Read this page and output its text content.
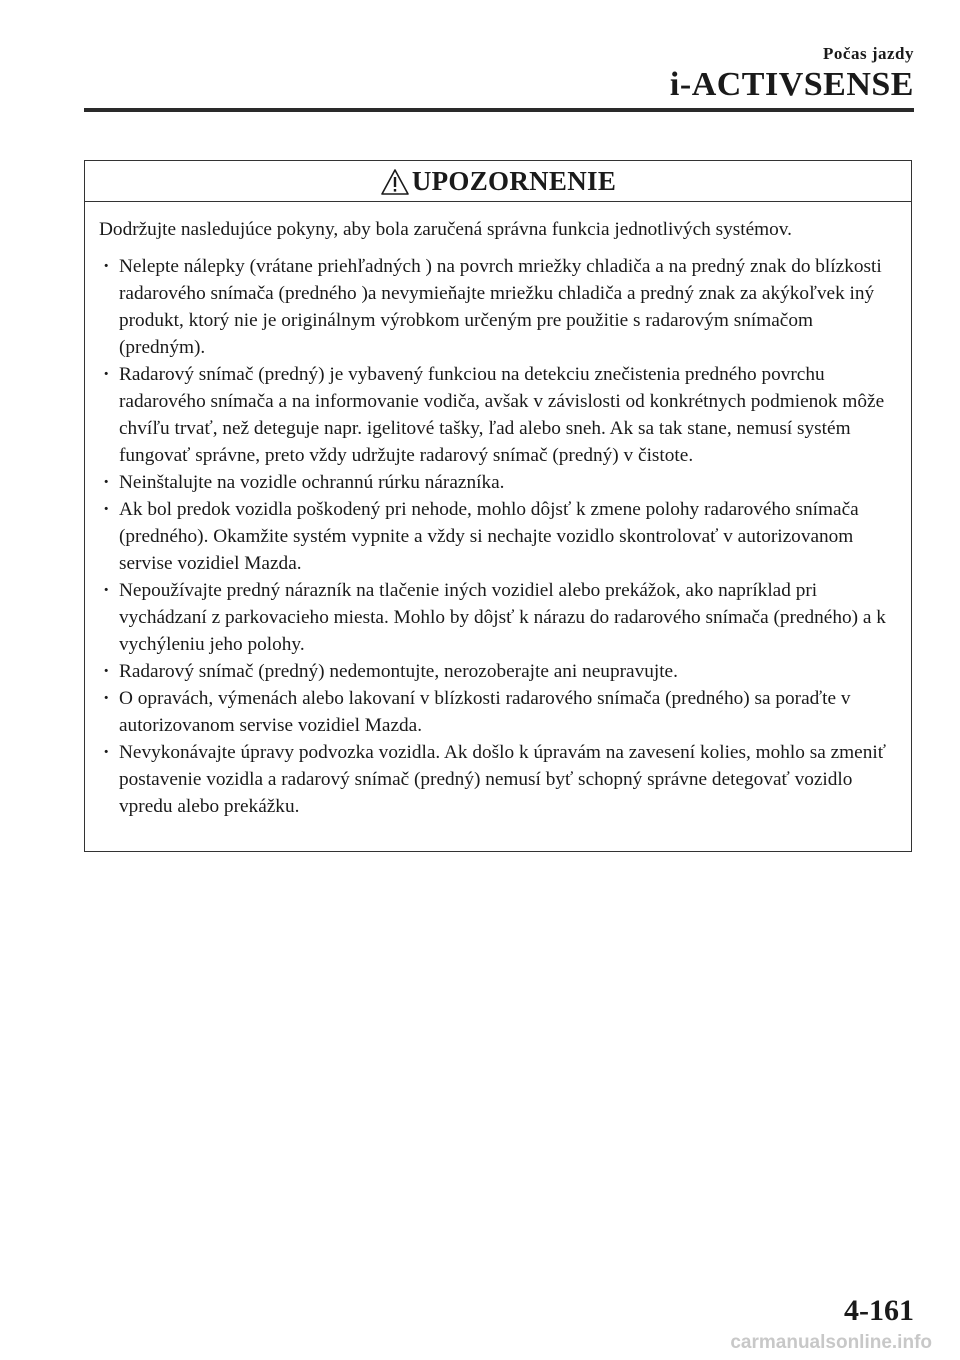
Počas jazdy
i-ACTIVSENSE
UPOZORNENIE

Dodržujte nasledujúce pokyny, aby bola zaručená správna funkcia jednotlivých systémov.

· Nelepte nálepky (vrátane priehľadných ) na povrch mriežky chladiča a na predný znak do blízkosti radarového snímača (predného )a nevymieňajte mriežku chladiča a predný znak za akýkoľvek iný produkt, ktorý nie je originálnym výrobkom určeným pre použitie s radarovým snímačom (predným).
· Radarový snímač (predný) je vybavený funkciou na detekciu znečistenia predného povrchu radarového snímača a na informovanie vodiča, avšak v závislosti od konkrétnych podmienok môže chvíľu trvať, než deteguje napr. igelitové tašky, ľad alebo sneh. Ak sa tak stane, nemusí systém fungovať správne, preto vždy udržujte radarový snímač (predný) v čistote.
· Neinštalujte na vozidle ochrannú rúrku nárazníka.
· Ak bol predok vozidla poškodený pri nehode, mohlo dôjsť k zmene polohy radarového snímača (predného). Okamžite systém vypnite a vždy si nechajte vozidlo skontrolovať v autorizovanom servise vozidiel Mazda.
· Nepoužívajte predný nárazník na tlačenie iných vozidiel alebo prekážok, ako napríklad pri vychádzaní z parkovacieho miesta. Mohlo by dôjsť k nárazu do radarového snímača (predného) a k vychýleniu jeho polohy.
· Radarový snímač (predný) nedemontujte, nerozoberajte ani neupravujte.
· O opravách, výmenách alebo lakovaní v blízkosti radarového snímača (predného) sa poraďte v autorizovanom servise vozidiel Mazda.
· Nevykonávajte úpravy podvozka vozidla. Ak došlo k úpravám na zavesení kolies, mohlo sa zmeniť postavenie vozidla a radarový snímač (predný) nemusí byť schopný správne detegovať vozidlo vpredu alebo prekážku.
4-161
carmanualsonline.info
